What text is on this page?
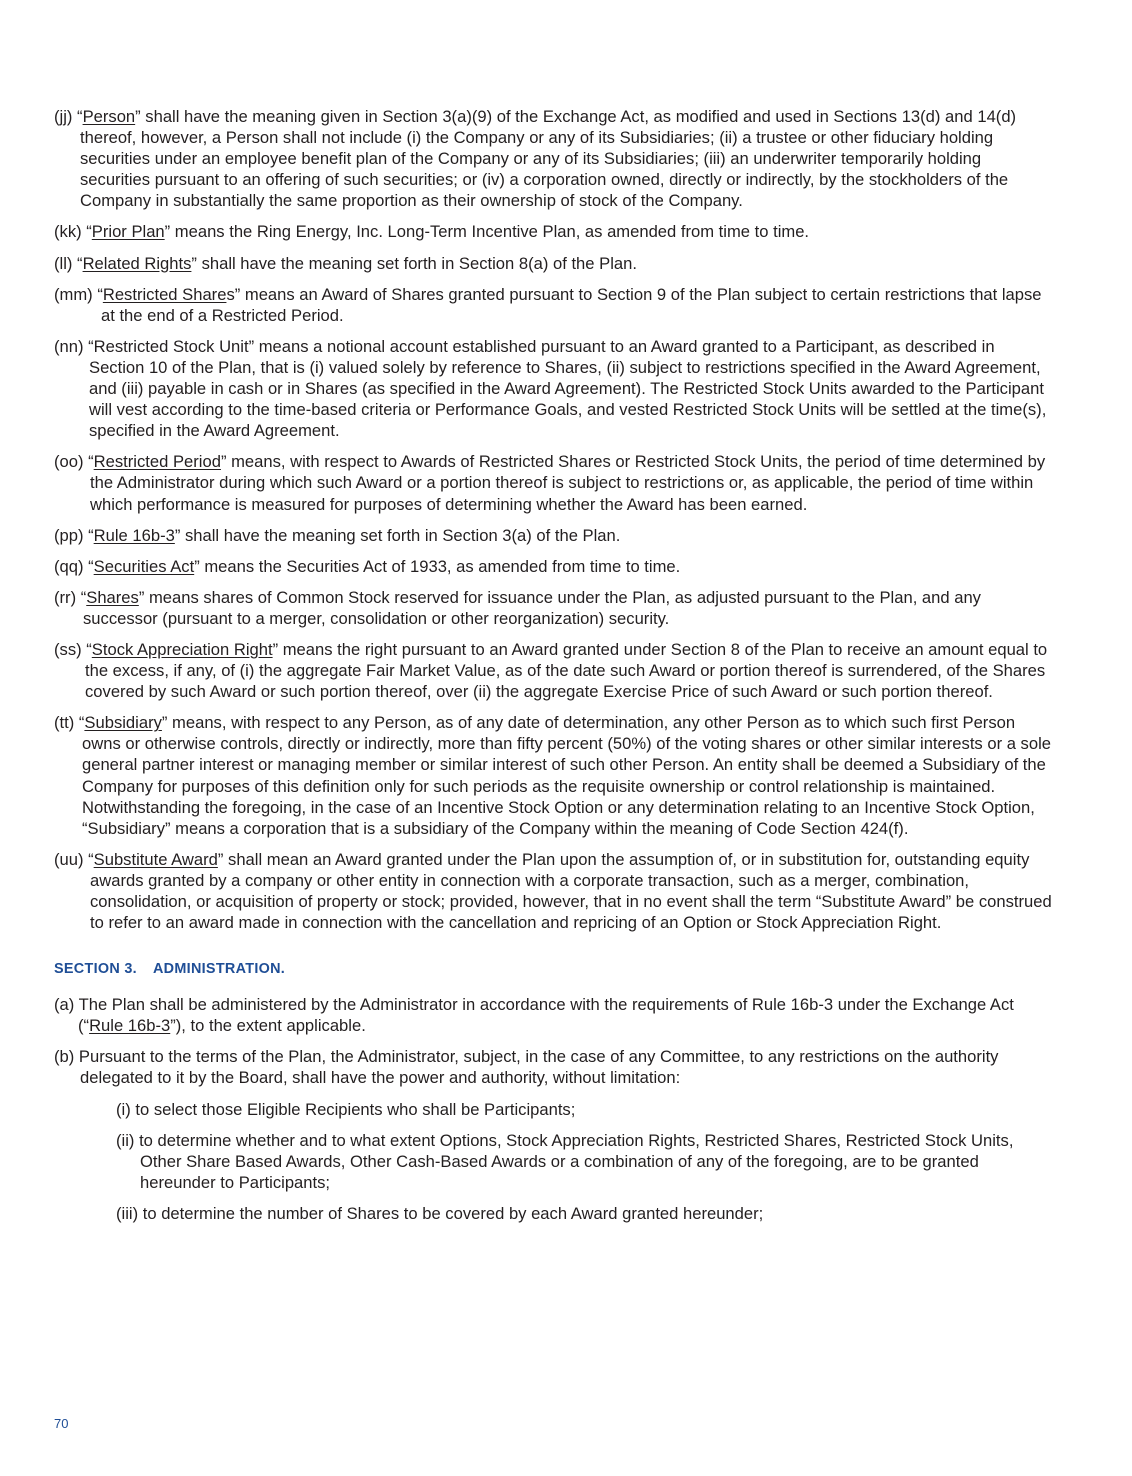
(jj) “Person” shall have the meaning given in Section 3(a)(9) of the Exchange Act, as modified and used in Sections 13(d) and 14(d) thereof, however, a Person shall not include (i) the Company or any of its Subsidiaries; (ii) a trustee or other fiduciary holding securities under an employee benefit plan of the Company or any of its Subsidiaries; (iii) an underwriter temporarily holding securities pursuant to an offering of such securities; or (iv) a corporation owned, directly or indirectly, by the stockholders of the Company in substantially the same proportion as their ownership of stock of the Company.

(kk) “Prior Plan” means the Ring Energy, Inc. Long-Term Incentive Plan, as amended from time to time.

(ll) “Related Rights” shall have the meaning set forth in Section 8(a) of the Plan.

(mm) “Restricted Shares” means an Award of Shares granted pursuant to Section 9 of the Plan subject to certain restrictions that lapse at the end of a Restricted Period.

(nn) “Restricted Stock Unit” means a notional account established pursuant to an Award granted to a Participant, as described in Section 10 of the Plan, that is (i) valued solely by reference to Shares, (ii) subject to restrictions specified in the Award Agreement, and (iii) payable in cash or in Shares (as specified in the Award Agreement). The Restricted Stock Units awarded to the Participant will vest according to the time-based criteria or Performance Goals, and vested Restricted Stock Units will be settled at the time(s), specified in the Award Agreement.

(oo) “Restricted Period” means, with respect to Awards of Restricted Shares or Restricted Stock Units, the period of time determined by the Administrator during which such Award or a portion thereof is subject to restrictions or, as applicable, the period of time within which performance is measured for purposes of determining whether the Award has been earned.

(pp) “Rule 16b-3” shall have the meaning set forth in Section 3(a) of the Plan.

(qq) “Securities Act” means the Securities Act of 1933, as amended from time to time.

(rr) “Shares” means shares of Common Stock reserved for issuance under the Plan, as adjusted pursuant to the Plan, and any successor (pursuant to a merger, consolidation or other reorganization) security.

(ss) “Stock Appreciation Right” means the right pursuant to an Award granted under Section 8 of the Plan to receive an amount equal to the excess, if any, of (i) the aggregate Fair Market Value, as of the date such Award or portion thereof is surrendered, of the Shares covered by such Award or such portion thereof, over (ii) the aggregate Exercise Price of such Award or such portion thereof.

(tt) “Subsidiary” means, with respect to any Person, as of any date of determination, any other Person as to which such first Person owns or otherwise controls, directly or indirectly, more than fifty percent (50%) of the voting shares or other similar interests or a sole general partner interest or managing member or similar interest of such other Person. An entity shall be deemed a Subsidiary of the Company for purposes of this definition only for such periods as the requisite ownership or control relationship is maintained. Notwithstanding the foregoing, in the case of an Incentive Stock Option or any determination relating to an Incentive Stock Option, “Subsidiary” means a corporation that is a subsidiary of the Company within the meaning of Code Section 424(f).

(uu) “Substitute Award” shall mean an Award granted under the Plan upon the assumption of, or in substitution for, outstanding equity awards granted by a company or other entity in connection with a corporate transaction, such as a merger, combination, consolidation, or acquisition of property or stock; provided, however, that in no event shall the term “Substitute Award” be construed to refer to an award made in connection with the cancellation and repricing of an Option or Stock Appreciation Right.

SECTION 3. ADMINISTRATION.

(a) The Plan shall be administered by the Administrator in accordance with the requirements of Rule 16b-3 under the Exchange Act (“Rule 16b-3”), to the extent applicable.

(b) Pursuant to the terms of the Plan, the Administrator, subject, in the case of any Committee, to any restrictions on the authority delegated to it by the Board, shall have the power and authority, without limitation:

(i) to select those Eligible Recipients who shall be Participants;

(ii) to determine whether and to what extent Options, Stock Appreciation Rights, Restricted Shares, Restricted Stock Units, Other Share Based Awards, Other Cash-Based Awards or a combination of any of the foregoing, are to be granted hereunder to Participants;

(iii) to determine the number of Shares to be covered by each Award granted hereunder;

70
